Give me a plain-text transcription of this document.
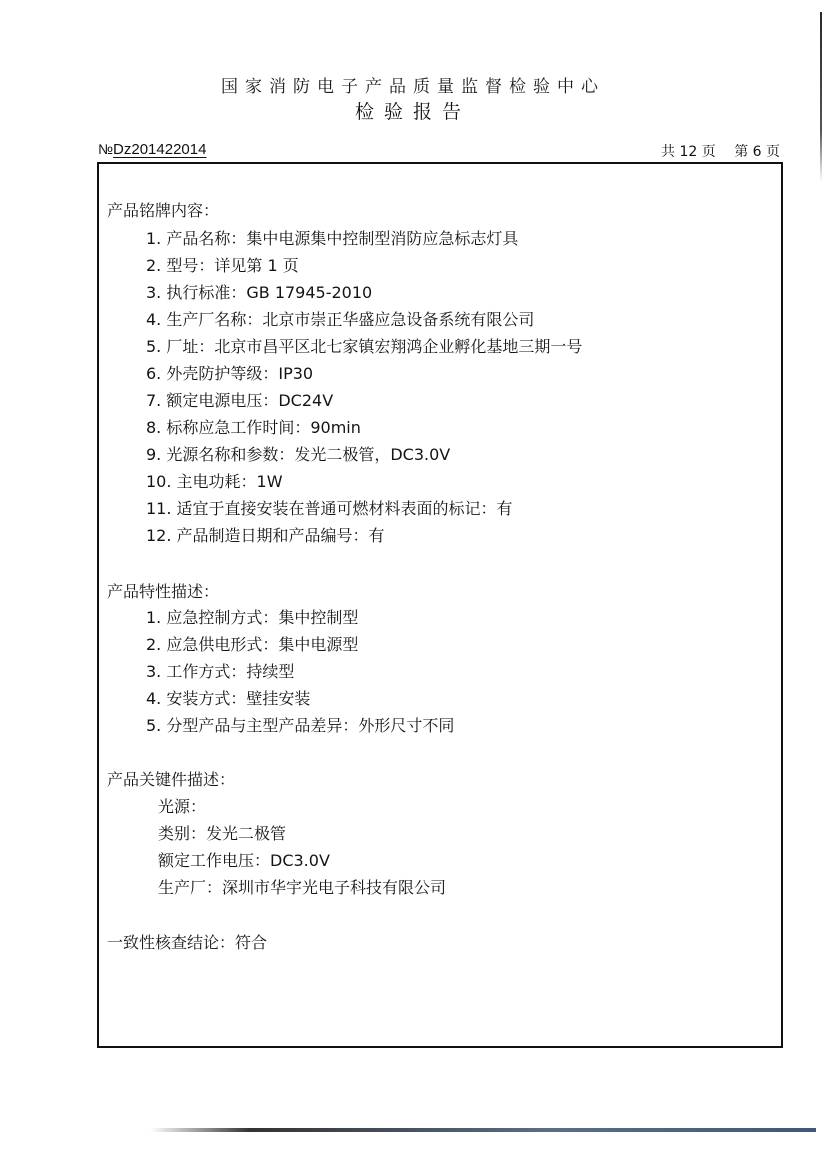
国家消防电子产品质量监督检验中心
检验报告
№Dz201422014	共 12 页 第 6 页
产品铭牌内容：
1. 产品名称：集中电源集中控制型消防应急标志灯具
2. 型号：详见第 1 页
3. 执行标准：GB 17945-2010
4. 生产厂名称：北京市崇正华盛应急设备系统有限公司
5. 厂址：北京市昌平区北七家镇宏翔鸿企业孵化基地三期一号
6. 外壳防护等级：IP30
7. 额定电源电压：DC24V
8. 标称应急工作时间：90min
9. 光源名称和参数：发光二极管，DC3.0V
10. 主电功耗：1W
11. 适宜于直接安装在普通可燃材料表面的标记：有
12. 产品制造日期和产品编号：有
产品特性描述：
1. 应急控制方式：集中控制型
2. 应急供电形式：集中电源型
3. 工作方式：持续型
4. 安装方式：壁挂安装
5. 分型产品与主型产品差异：外形尺寸不同
产品关键件描述：
光源：
类别：发光二极管
额定工作电压：DC3.0V
生产厂：深圳市华宇光电子科技有限公司
一致性核查结论：符合
